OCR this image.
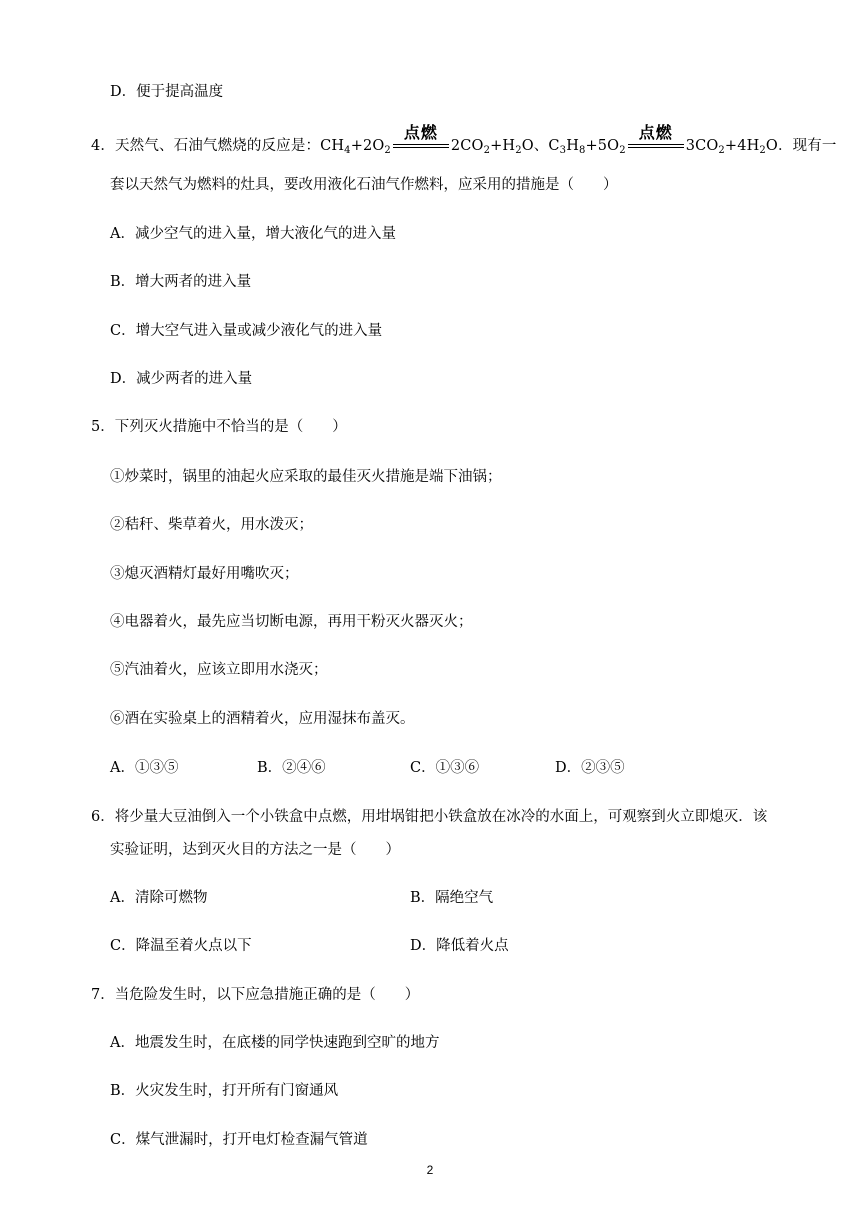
D．便于提高温度
4．天然气、石油气燃烧的反应是：$CH_4+2O_2$
点燃
$2CO_2+H_2O$、$C_3H_8+5O_2$
点燃
$3CO_2+4H_2O$．现有一
套以天然气为燃料的灶具，要改用液化石油气作燃料，应采用的措施是（　　）
A．减少空气的进入量，增大液化气的进入量
B．增大两者的进入量
C．增大空气进入量或减少液化气的进入量
D．减少两者的进入量
5．下列灭火措施中不恰当的是（　　）
①炒菜时，锅里的油起火应采取的最佳灭火措施是端下油锅；
②秸秆、柴草着火，用水泼灭；
③熄灭酒精灯最好用嘴吹灭；
④电器着火，最先应当切断电源，再用干粉灭火器灭火；
⑤汽油着火，应该立即用水浇灭；
⑥酒在实验桌上的酒精着火，应用湿抹布盖灭。
A．①③⑤	B．②④⑥	C．①③⑥	D．②③⑤
6．将少量大豆油倒入一个小铁盒中点燃，用坩埚钳把小铁盒放在冰冷的水面上，可观察到火立即熄灭．该
实验证明，达到灭火目的方法之一是（　　）
A．清除可燃物	B．隔绝空气
C．降温至着火点以下	D．降低着火点
7．当危险发生时，以下应急措施正确的是（　　）
A．地震发生时，在底楼的同学快速跑到空旷的地方
B．火灾发生时，打开所有门窗通风
C．煤气泄漏时，打开电灯检查漏气管道
2
